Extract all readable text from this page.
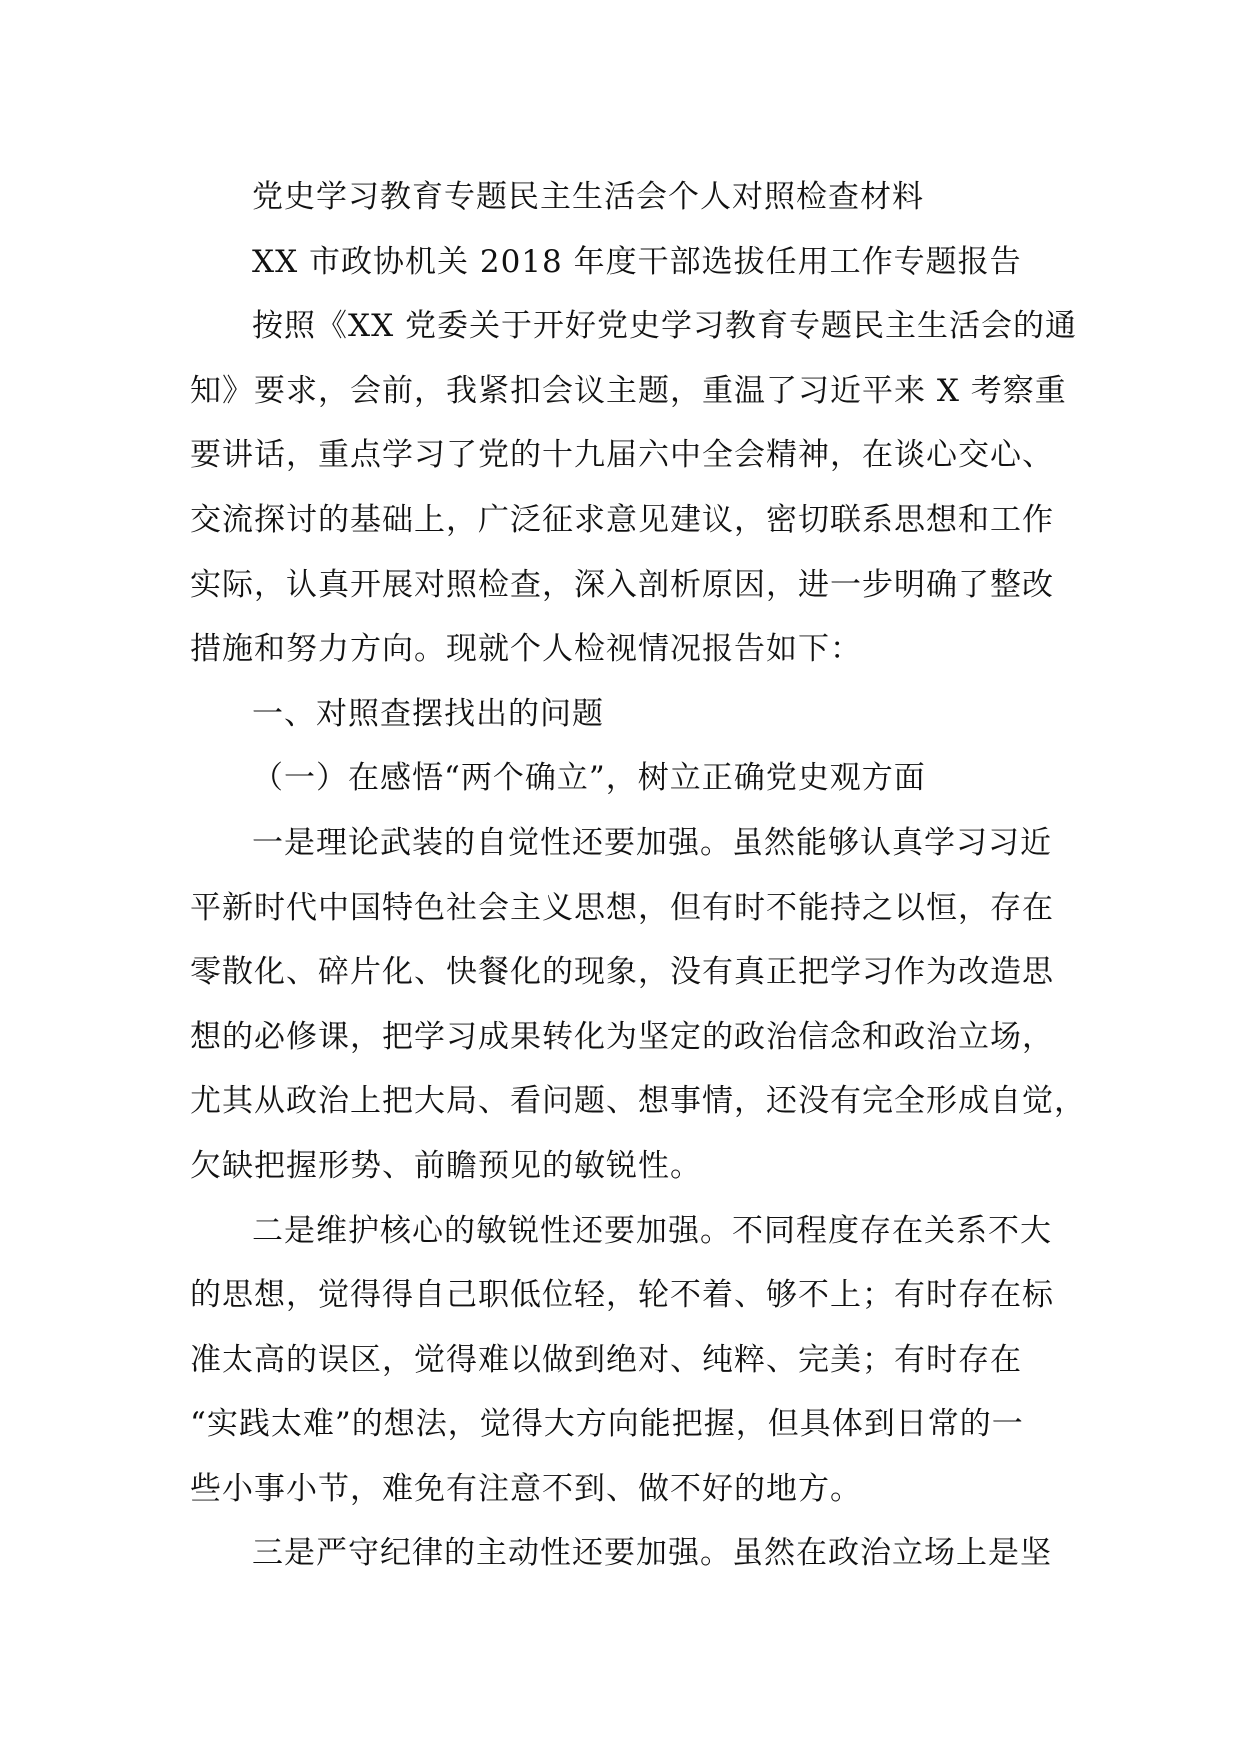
党史学习教育专题民主生活会个人对照检查材料
XX 市政协机关 2018 年度干部选拔任用工作专题报告
按照《XX 党委关于开好党史学习教育专题民主生活会的通
知》要求，会前，我紧扣会议主题，重温了习近平来 X 考察重
要讲话，重点学习了党的十九届六中全会精神，在谈心交心、
交流探讨的基础上，广泛征求意见建议，密切联系思想和工作
实际，认真开展对照检查，深入剖析原因，进一步明确了整改
措施和努力方向。现就个人检视情况报告如下：
一、对照查摆找出的问题
（一）在感悟“两个确立”，树立正确党史观方面
一是理论武装的自觉性还要加强。虽然能够认真学习习近
平新时代中国特色社会主义思想，但有时不能持之以恒，存在
零散化、碎片化、快餐化的现象，没有真正把学习作为改造思
想的必修课，把学习成果转化为坚定的政治信念和政治立场，
尤其从政治上把大局、看问题、想事情，还没有完全形成自觉，
欠缺把握形势、前瞻预见的敏锐性。
二是维护核心的敏锐性还要加强。不同程度存在关系不大
的思想，觉得得自己职低位轻，轮不着、够不上；有时存在标
准太高的误区，觉得难以做到绝对、纯粹、完美；有时存在
“实践太难”的想法，觉得大方向能把握，但具体到日常的一
些小事小节，难免有注意不到、做不好的地方。
三是严守纪律的主动性还要加强。虽然在政治立场上是坚
